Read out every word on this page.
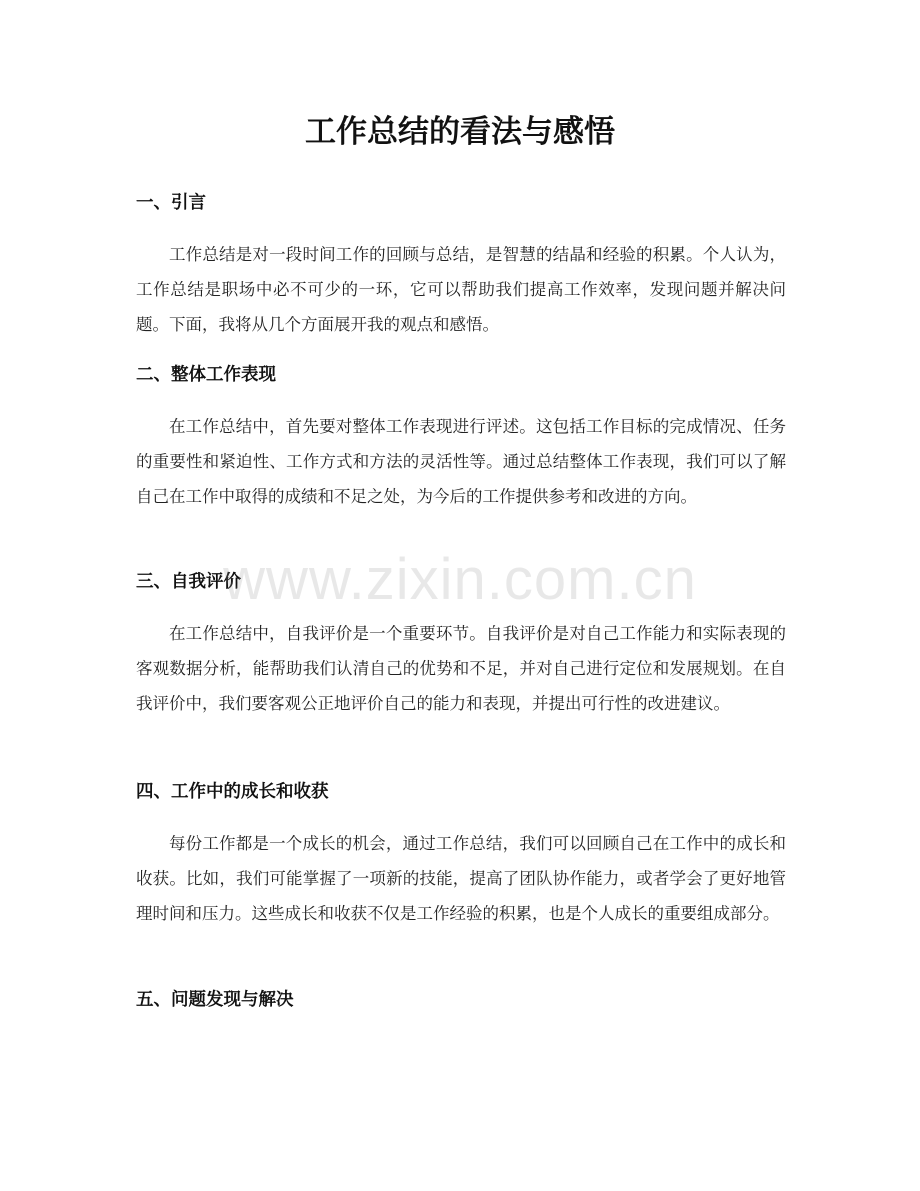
工作总结的看法与感悟
一、引言

工作总结是对一段时间工作的回顾与总结，是智慧的结晶和经验的积累。个人认为，工作总结是职场中必不可少的一环，它可以帮助我们提高工作效率，发现问题并解决问题。下面，我将从几个方面展开我的观点和感悟。

二、整体工作表现

在工作总结中，首先要对整体工作表现进行评述。这包括工作目标的完成情况、任务的重要性和紧迫性、工作方式和方法的灵活性等。通过总结整体工作表现，我们可以了解自己在工作中取得的成绩和不足之处，为今后的工作提供参考和改进的方向。

三、自我评价

在工作总结中，自我评价是一个重要环节。自我评价是对自己工作能力和实际表现的客观数据分析，能帮助我们认清自己的优势和不足，并对自己进行定位和发展规划。在自我评价中，我们要客观公正地评价自己的能力和表现，并提出可行性的改进建议。

四、工作中的成长和收获

每份工作都是一个成长的机会，通过工作总结，我们可以回顾自己在工作中的成长和收获。比如，我们可能掌握了一项新的技能，提高了团队协作能力，或者学会了更好地管理时间和压力。这些成长和收获不仅是工作经验的积累，也是个人成长的重要组成部分。

五、问题发现与解决
www.zixin.com.cn
